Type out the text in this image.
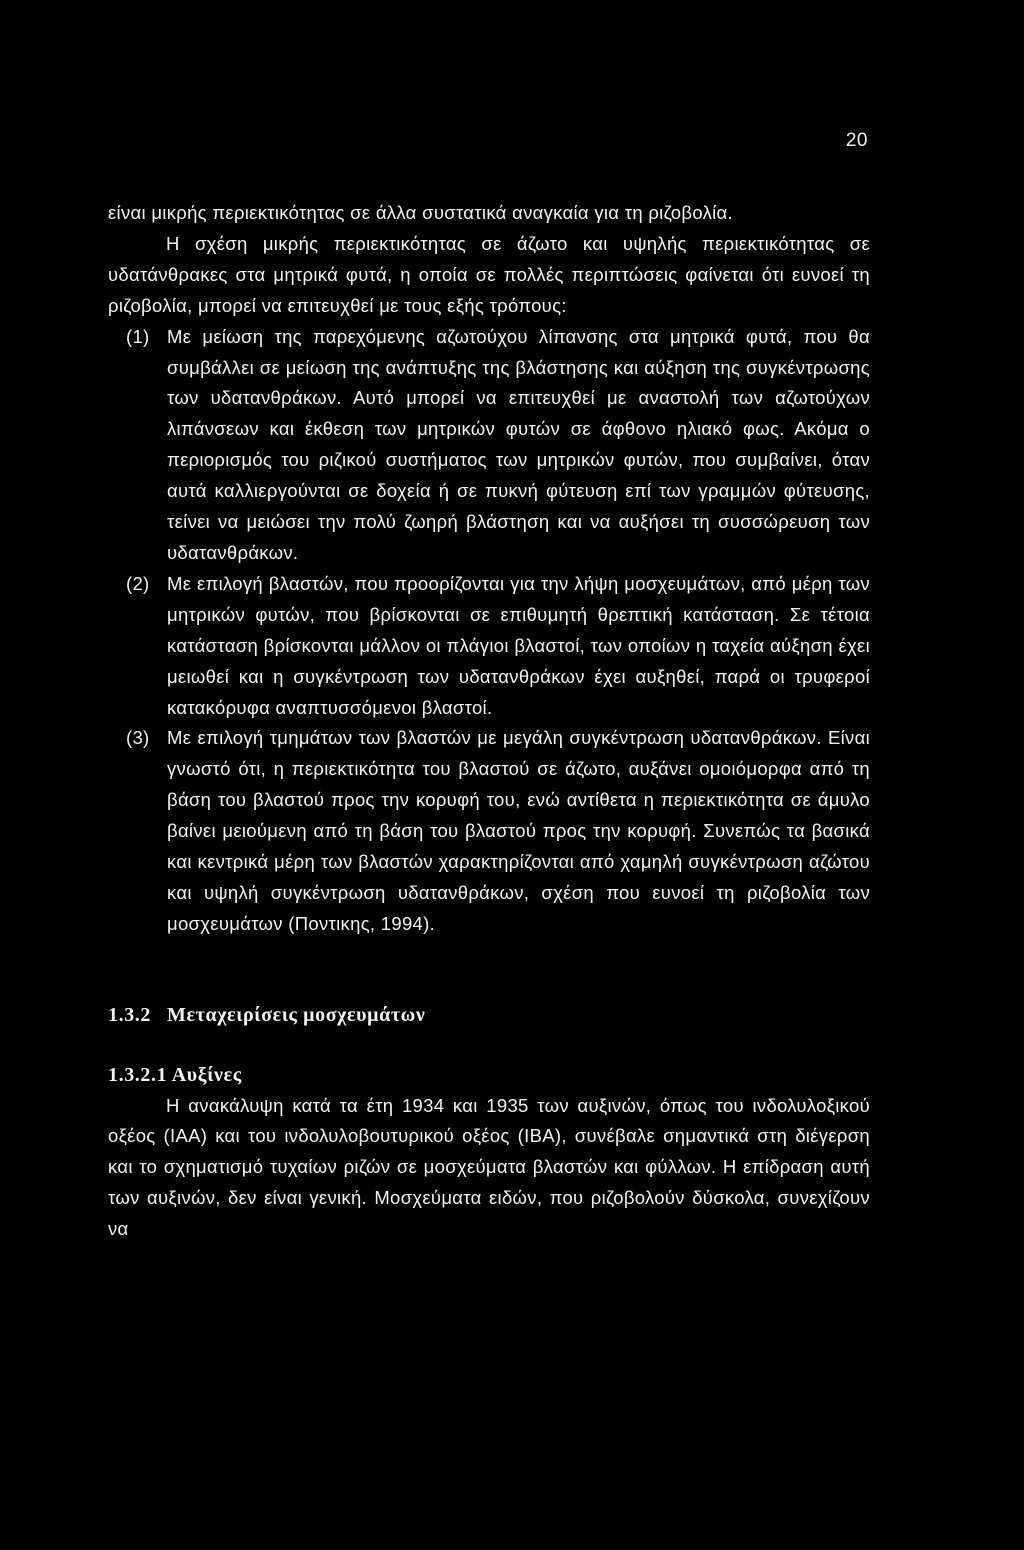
20

είναι μικρής περιεκτικότητας σε άλλα συστατικά αναγκαία για τη ριζοβολία.

Η σχέση μικρής περιεκτικότητας σε άζωτο και υψηλής περιεκτικότητας σε υδατάνθρακες στα μητρικά φυτά, η οποία σε πολλές περιπτώσεις φαίνεται ότι ευνοεί τη ριζοβολία, μπορεί να επιτευχθεί με τους εξής τρόπους:

(1) Με μείωση της παρεχόμενης αζωτούχου λίπανσης στα μητρικά φυτά, που θα συμβάλλει σε μείωση της ανάπτυξης της βλάστησης και αύξηση της συγκέντρωσης των υδατανθράκων. Αυτό μπορεί να επιτευχθεί με αναστολή των αζωτούχων λιπάνσεων και έκθεση των μητρικών φυτών σε άφθονο ηλιακό φως. Ακόμα ο περιορισμός του ριζικού συστήματος των μητρικών φυτών, που συμβαίνει, όταν αυτά καλλιεργούνται σε δοχεία ή σε πυκνή φύτευση επί των γραμμών φύτευσης, τείνει να μειώσει την πολύ ζωηρή βλάστηση και να αυξήσει τη συσσώρευση των υδατανθράκων.
(2) Με επιλογή βλαστών, που προορίζονται για την λήψη μοσχευμάτων, από μέρη των μητρικών φυτών, που βρίσκονται σε επιθυμητή θρεπτική κατάσταση. Σε τέτοια κατάσταση βρίσκονται μάλλον οι πλάγιοι βλαστοί, των οποίων η ταχεία αύξηση έχει μειωθεί και η συγκέντρωση των υδατανθράκων έχει αυξηθεί, παρά οι τρυφεροί κατακόρυφα αναπτυσσόμενοι βλαστοί.
(3) Με επιλογή τμημάτων των βλαστών με μεγάλη συγκέντρωση υδατανθράκων. Είναι γνωστό ότι, η περιεκτικότητα του βλαστού σε άζωτο, αυξάνει ομοιόμορφα από τη βάση του βλαστού προς την κορυφή του, ενώ αντίθετα η περιεκτικότητα σε άμυλο βαίνει μειούμενη από τη βάση του βλαστού προς την κορυφή. Συνεπώς τα βασικά και κεντρικά μέρη των βλαστών χαρακτηρίζονται από χαμηλή συγκέντρωση αζώτου και υψηλή συγκέντρωση υδατανθράκων, σχέση που ευνοεί τη ριζοβολία των μοσχευμάτων (Ποντικης, 1994).

1.3.2 Μεταχειρίσεις μοσχευμάτων

1.3.2.1 Αυξίνες

Η ανακάλυψη κατά τα έτη 1934 και 1935 των αυξινών, όπως του ινδολυλοξικού οξέος (IAA) και του ινδολυλοβουτυρικού οξέος (IBA), συνέβαλε σημαντικά στη διέγερση και το σχηματισμό τυχαίων ριζών σε μοσχεύματα βλαστών και φύλλων. Η επίδραση αυτή των αυξινών, δεν είναι γενική. Μοσχεύματα ειδών, που ριζοβολούν δύσκολα, συνεχίζουν να
